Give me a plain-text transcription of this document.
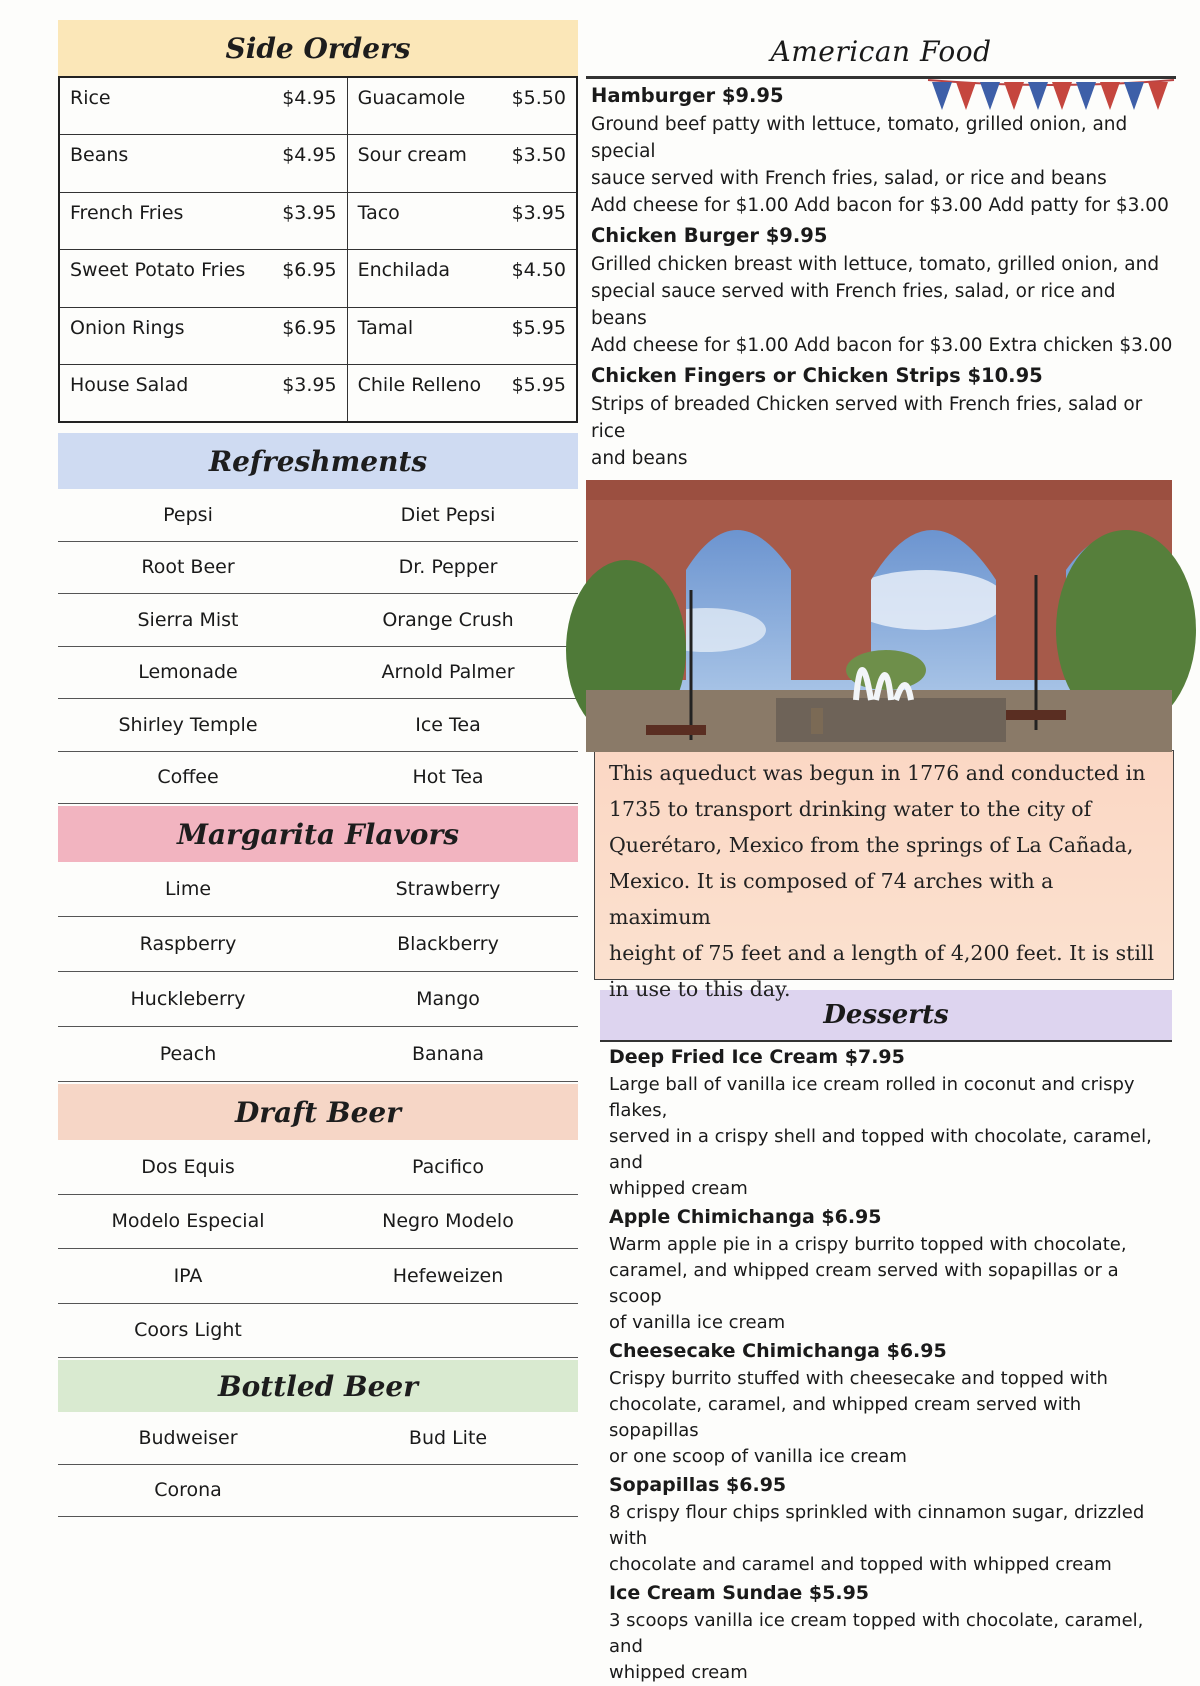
Side Orders
Rice $4.95	Guacamole $5.50

Beans $4.95	Sour cream $3.50

French Fries $3.95	Taco $3.95

Sweet Potato Fries $6.95	Enchilada $4.50

Onion Rings $6.95	Tamal $5.95

House Salad $3.95	Chile Relleno $5.95
Refreshments
Pepsi	Diet Pepsi
Root Beer	Dr. Pepper
Sierra Mist	Orange Crush
Lemonade	Arnold Palmer
Shirley Temple	Ice Tea
Coffee	Hot Tea
Margarita Flavors
Lime	Strawberry
Raspberry	Blackberry
Huckleberry	Mango
Peach	Banana
Draft Beer
Dos Equis	Pacifico
Modelo Especial	Negro Modelo
IPA	Hefeweizen
Coors Light
Bottled Beer
Budweiser	Bud Lite
Corona
American Food
Hamburger $9.95
Ground beef patty with lettuce, tomato, grilled onion, and special
sauce served with French fries, salad, or rice and beans
Add cheese for $1.00 Add bacon for $3.00 Add patty for $3.00
Chicken Burger $9.95
Grilled chicken breast with lettuce, tomato, grilled onion, and
special sauce served with French fries, salad, or rice and beans
Add cheese for $1.00 Add bacon for $3.00 Extra chicken $3.00
Chicken Fingers or Chicken Strips $10.95
Strips of breaded Chicken served with French fries, salad or rice
and beans
This aqueduct was begun in 1776 and conducted in
1735 to transport drinking water to the city of
Querétaro, Mexico from the springs of La Cañada,
Mexico. It is composed of 74 arches with a maximum
height of 75 feet and a length of 4,200 feet. It is still
in use to this day.
Desserts
Deep Fried Ice Cream $7.95
Large ball of vanilla ice cream rolled in coconut and crispy flakes,
served in a crispy shell and topped with chocolate, caramel, and
whipped cream
Apple Chimichanga $6.95
Warm apple pie in a crispy burrito topped with chocolate,
caramel, and whipped cream served with sopapillas or a scoop
of vanilla ice cream
Cheesecake Chimichanga $6.95
Crispy burrito stuffed with cheesecake and topped with
chocolate, caramel, and whipped cream served with sopapillas
or one scoop of vanilla ice cream
Sopapillas $6.95
8 crispy flour chips sprinkled with cinnamon sugar, drizzled with
chocolate and caramel and topped with whipped cream
Ice Cream Sundae $5.95
3 scoops vanilla ice cream topped with chocolate, caramel, and
whipped cream
